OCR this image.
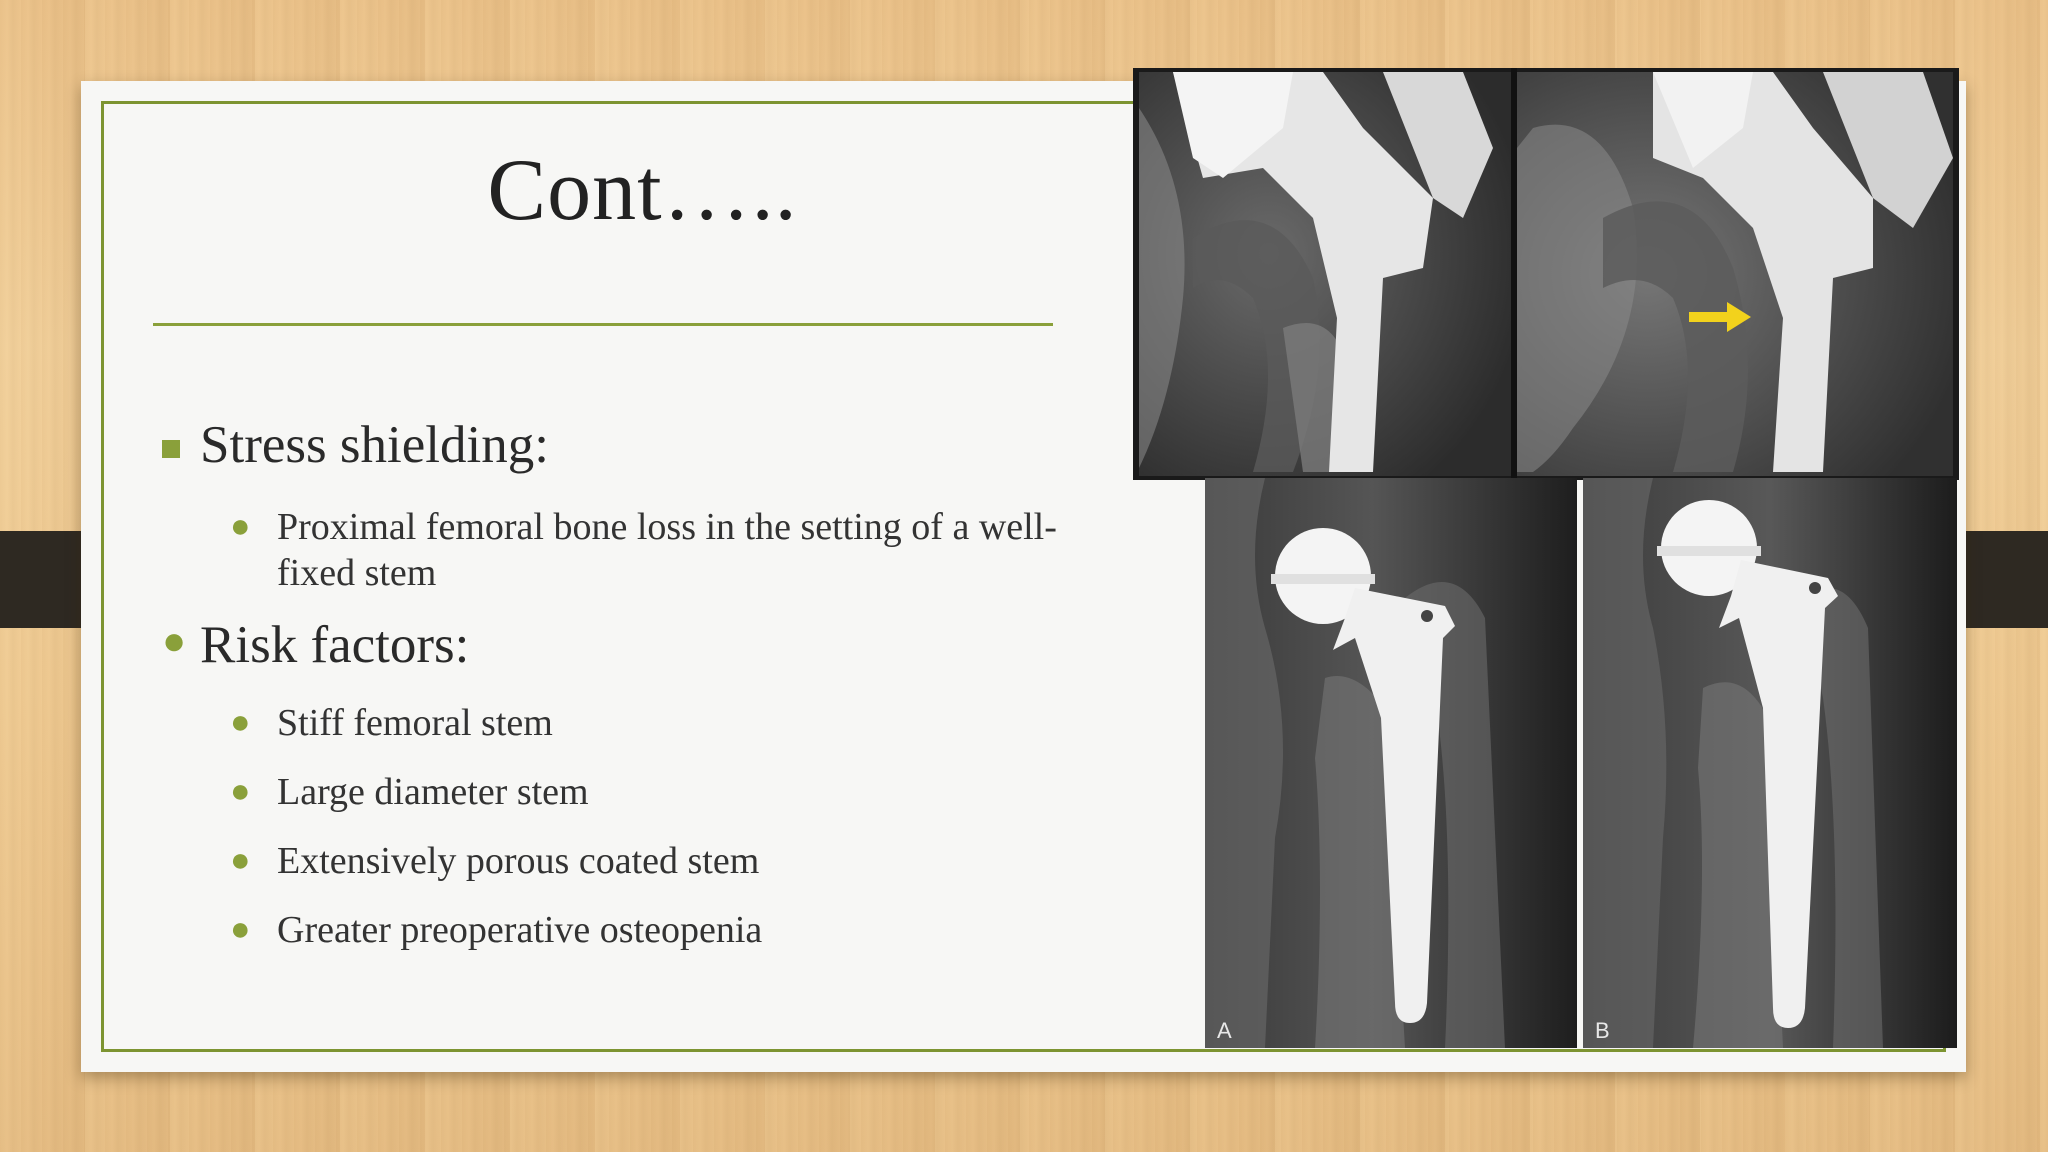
Cont…..
Stress shielding:
● Proximal femoral bone loss in the setting of a well-fixed stem
● Risk factors:
● Stiff femoral stem
● Large diameter stem
● Extensively porous coated stem
● Greater preoperative osteopenia
A	B
